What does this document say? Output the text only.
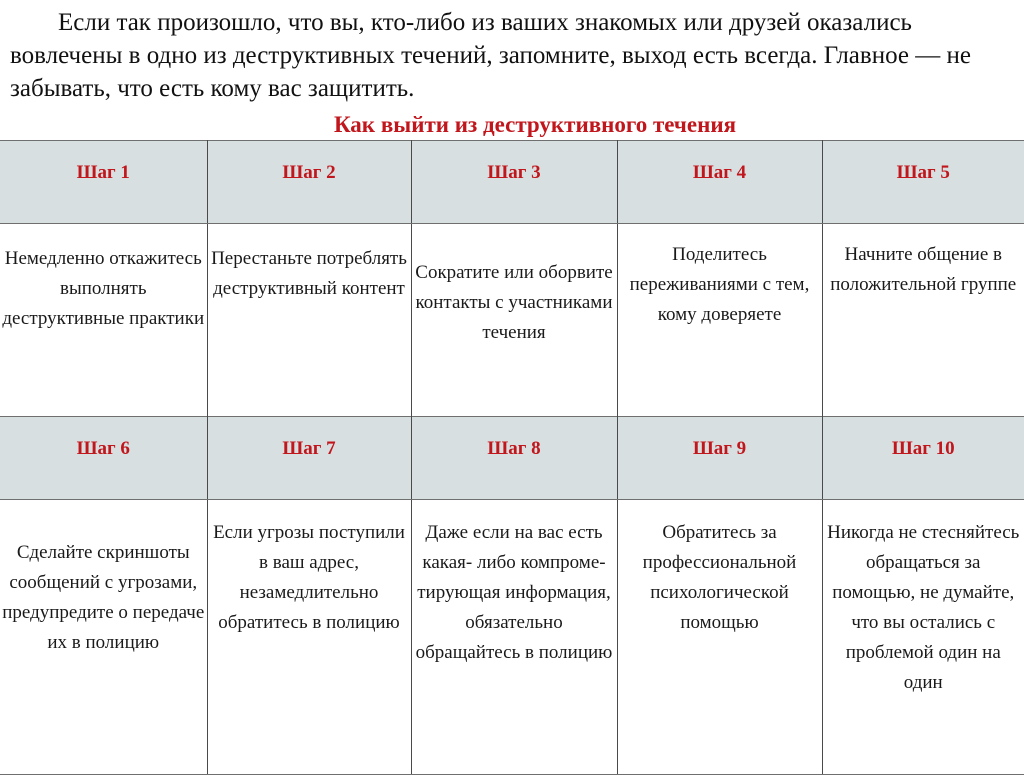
Если так произошло, что вы, кто-либо из ваших знакомых или друзей оказались вовлечены в одно из деструктивных течений, запомните, выход есть всегда. Главное — не забывать, что есть кому вас защитить.

Как выйти из деструктивного течения

Шаг 1	Шаг 2	Шаг 3	Шаг 4	Шаг 5

Немедленно откажитесь выполнять деструктивные практики	Перестаньте потреблять деструктивный контент	Сократите или оборвите контакты с участниками течения	Поделитесь переживаниями с тем, кому доверяете	Начните общение в положительной группе

Шаг 6	Шаг 7	Шаг 8	Шаг 9	Шаг 10

Сделайте скриншоты сообщений с угрозами, предупредите о передаче их в полицию	Если угрозы поступили в ваш адрес, незамедлительно обратитесь в полицию	Даже если на вас есть какая- либо компроме-тирующая информация, обязательно обращайтесь в полицию	Обратитесь за профессиональной психологической помощью	Никогда не стесняйтесь обращаться за помощью, не думайте, что вы остались с проблемой один на один
